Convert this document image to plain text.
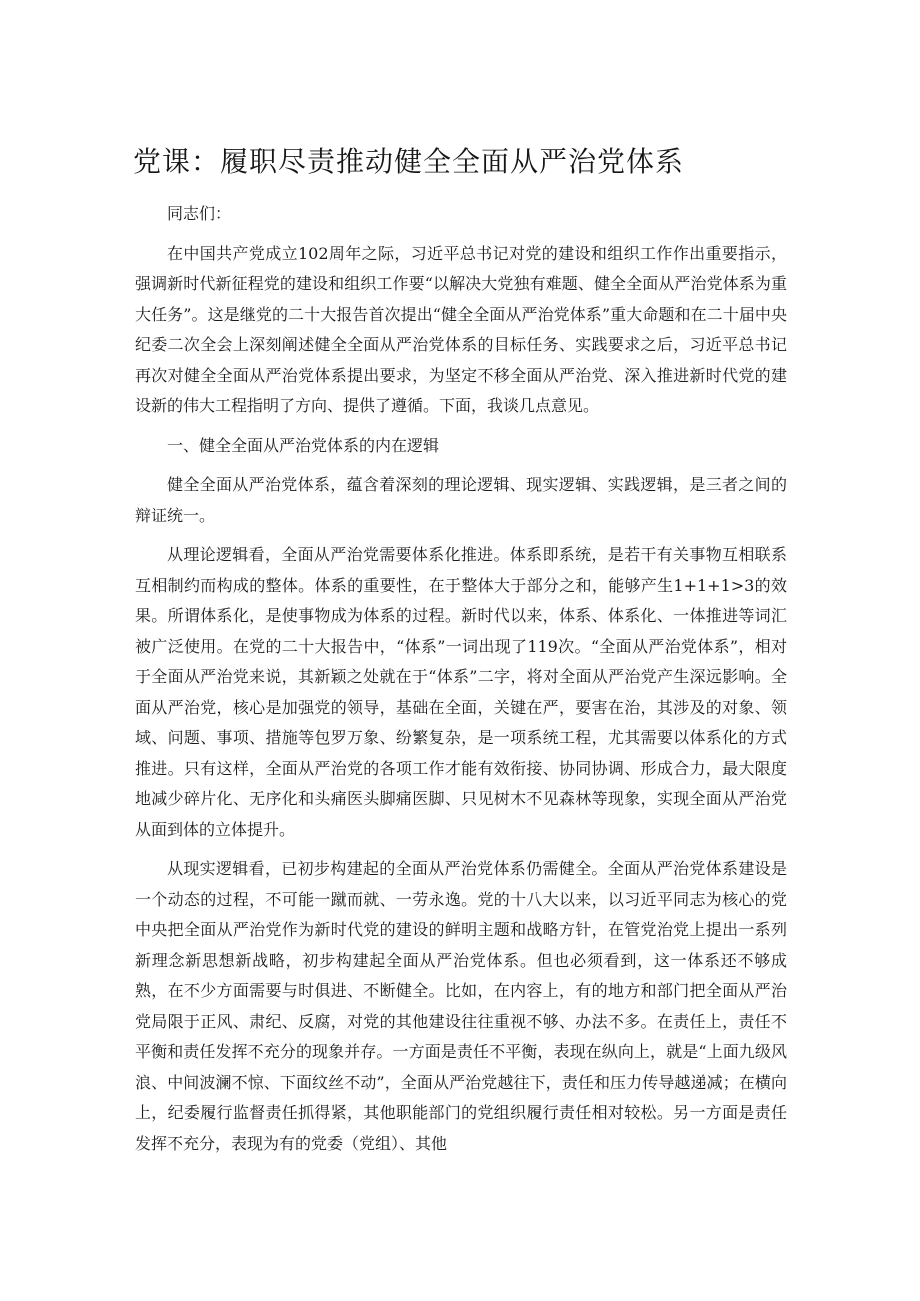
党课：履职尽责推动健全全面从严治党体系

同志们：

在中国共产党成立102周年之际，习近平总书记对党的建设和组织工作作出重要指示，强调新时代新征程党的建设和组织工作要“以解决大党独有难题、健全全面从严治党体系为重大任务”。这是继党的二十大报告首次提出“健全全面从严治党体系”重大命题和在二十届中央纪委二次全会上深刻阐述健全全面从严治党体系的目标任务、实践要求之后，习近平总书记再次对健全全面从严治党体系提出要求，为坚定不移全面从严治党、深入推进新时代党的建设新的伟大工程指明了方向、提供了遵循。下面，我谈几点意见。

一、健全全面从严治党体系的内在逻辑

健全全面从严治党体系，蕴含着深刻的理论逻辑、现实逻辑、实践逻辑，是三者之间的辩证统一。

从理论逻辑看，全面从严治党需要体系化推进。体系即系统，是若干有关事物互相联系互相制约而构成的整体。体系的重要性，在于整体大于部分之和，能够产生1+1+1>3的效果。所谓体系化，是使事物成为体系的过程。新时代以来，体系、体系化、一体推进等词汇被广泛使用。在党的二十大报告中，“体系”一词出现了119次。“全面从严治党体系”，相对于全面从严治党来说，其新颖之处就在于“体系”二字，将对全面从严治党产生深远影响。全面从严治党，核心是加强党的领导，基础在全面，关键在严，要害在治，其涉及的对象、领域、问题、事项、措施等包罗万象、纷繁复杂，是一项系统工程，尤其需要以体系化的方式推进。只有这样，全面从严治党的各项工作才能有效衔接、协同协调、形成合力，最大限度地减少碎片化、无序化和头痛医头脚痛医脚、只见树木不见森林等现象，实现全面从严治党从面到体的立体提升。

从现实逻辑看，已初步构建起的全面从严治党体系仍需健全。全面从严治党体系建设是一个动态的过程，不可能一蹴而就、一劳永逸。党的十八大以来，以习近平同志为核心的党中央把全面从严治党作为新时代党的建设的鲜明主题和战略方针，在管党治党上提出一系列新理念新思想新战略，初步构建起全面从严治党体系。但也必须看到，这一体系还不够成熟，在不少方面需要与时俱进、不断健全。比如，在内容上，有的地方和部门把全面从严治党局限于正风、肃纪、反腐，对党的其他建设往往重视不够、办法不多。在责任上，责任不平衡和责任发挥不充分的现象并存。一方面是责任不平衡，表现在纵向上，就是“上面九级风浪、中间波澜不惊、下面纹丝不动”，全面从严治党越往下，责任和压力传导越递减；在横向上，纪委履行监督责任抓得紧，其他职能部门的党组织履行责任相对较松。另一方面是责任发挥不充分，表现为有的党委（党组）、其他
